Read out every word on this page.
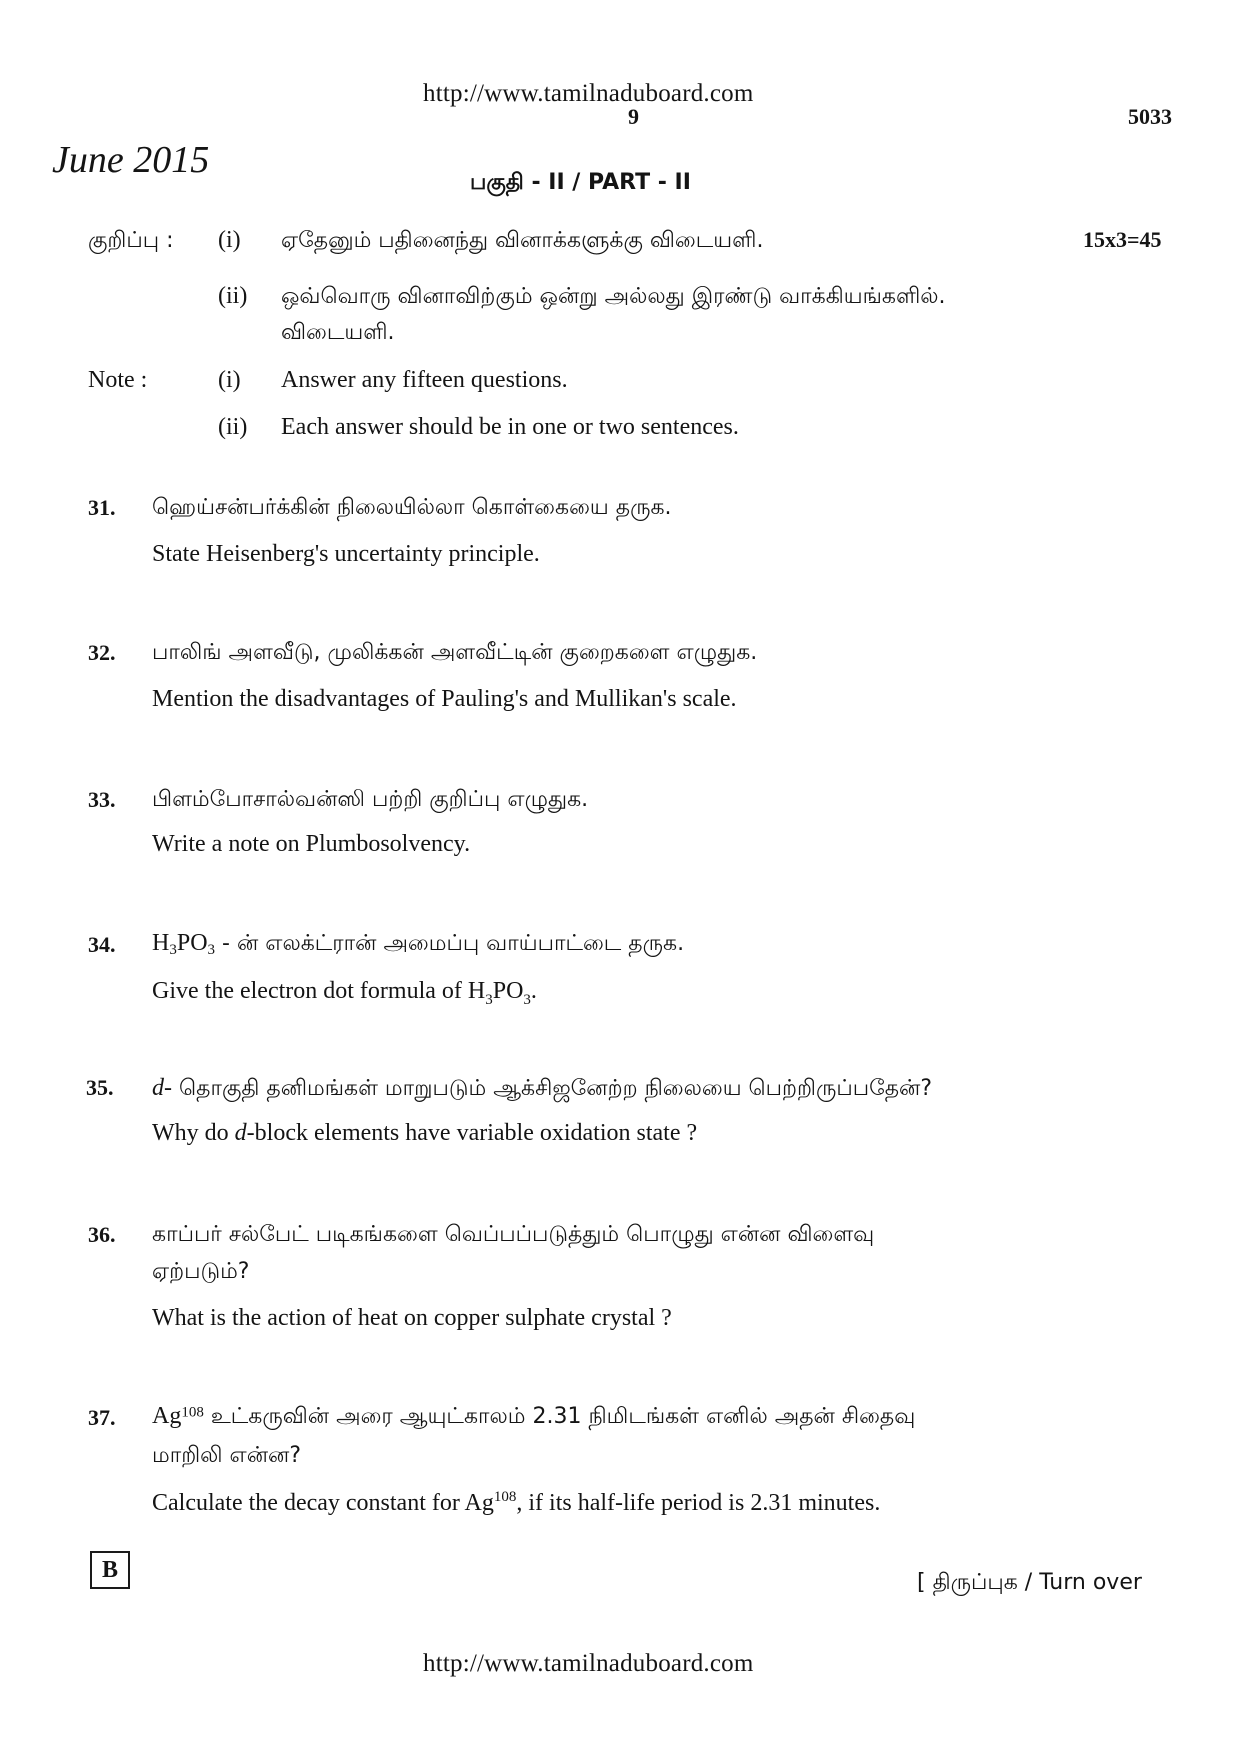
http://www.tamilnaduboard.com
9	5033
June 2015
பகுதி - II / PART - II
குறிப்பு : (i) ஏதேனும் பதினைந்து வினாக்களுக்கு விடையளி.	15x3=45
(ii) ஒவ்வொரு வினாவிற்கும் ஒன்று அல்லது இரண்டு வாக்கியங்களில்.
விடையளி.
Note :	(i) Answer any fifteen questions.
(ii) Each answer should be in one or two sentences.
31. ஹெய்சன்பர்க்கின் நிலையில்லா கொள்கையை தருக.
State Heisenberg's uncertainty principle.
32. பாலிங் அளவீடு, முலிக்கன் அளவீட்டின் குறைகளை எழுதுக.
Mention the disadvantages of Pauling's and Mullikan's scale.
33. பிளம்போசால்வன்ஸி பற்றி குறிப்பு எழுதுக.
Write a note on Plumbosolvency.
34. $H_3PO_3$ - ன் எலக்ட்ரான் அமைப்பு வாய்பாட்டை தருக.
Give the electron dot formula of $H_3PO_3$.
35. d- தொகுதி தனிமங்கள் மாறுபடும் ஆக்சிஜனேற்ற நிலையை பெற்றிருப்பதேன்?
Why do d-block elements have variable oxidation state ?
36. காப்பர் சல்பேட் படிகங்களை வெப்பப்படுத்தும் பொழுது என்ன விளைவு
ஏற்படும்?
What is the action of heat on copper sulphate crystal ?
37. Ag$^{108}$ உட்கருவின் அரை ஆயுட்காலம் 2.31 நிமிடங்கள் எனில் அதன் சிதைவு
மாறிலி என்ன?
Calculate the decay constant for Ag$^{108}$, if its half-life period is 2.31 minutes.
B	[ திருப்புக / Turn over
http://www.tamilnaduboard.com
